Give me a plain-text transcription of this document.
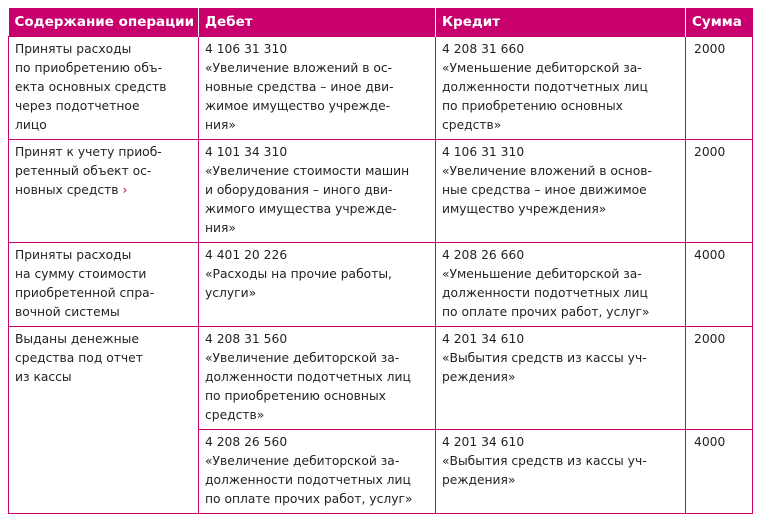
Содержание операции	Дебет	Кредит	Сумма
Приняты расходы
по приобретению объ-
екта основных средств
через подотчетное
лицо	4 106 31 310
«Увеличение вложений в ос-
новные средства – иное дви-
жимое имущество учрежде-
ния»	4 208 31 660
«Уменьшение дебиторской за-
долженности подотчетных лиц
по приобретению основных
средств»	2000
Принят к учету приоб-
ретенный объект ос-
новных средств ›	4 101 34 310
«Увеличение стоимости машин
и оборудования – иного дви-
жимого имущества учрежде-
ния»	4 106 31 310
«Увеличение вложений в основ-
ные средства – иное движимое
имущество учреждения»	2000
Приняты расходы
на сумму стоимости
приобретенной спра-
вочной системы	4 401 20 226
«Расходы на прочие работы,
услуги»	4 208 26 660
«Уменьшение дебиторской за-
долженности подотчетных лиц
по оплате прочих работ, услуг»	4000
Выданы денежные
средства под отчет
из кассы	4 208 31 560
«Увеличение дебиторской за-
долженности подотчетных лиц
по приобретению основных
средств»	4 201 34 610
«Выбытия средств из кассы уч-
реждения»	2000
	4 208 26 560
«Увеличение дебиторской за-
долженности подотчетных лиц
по оплате прочих работ, услуг»	4 201 34 610
«Выбытия средств из кассы уч-
реждения»	4000
